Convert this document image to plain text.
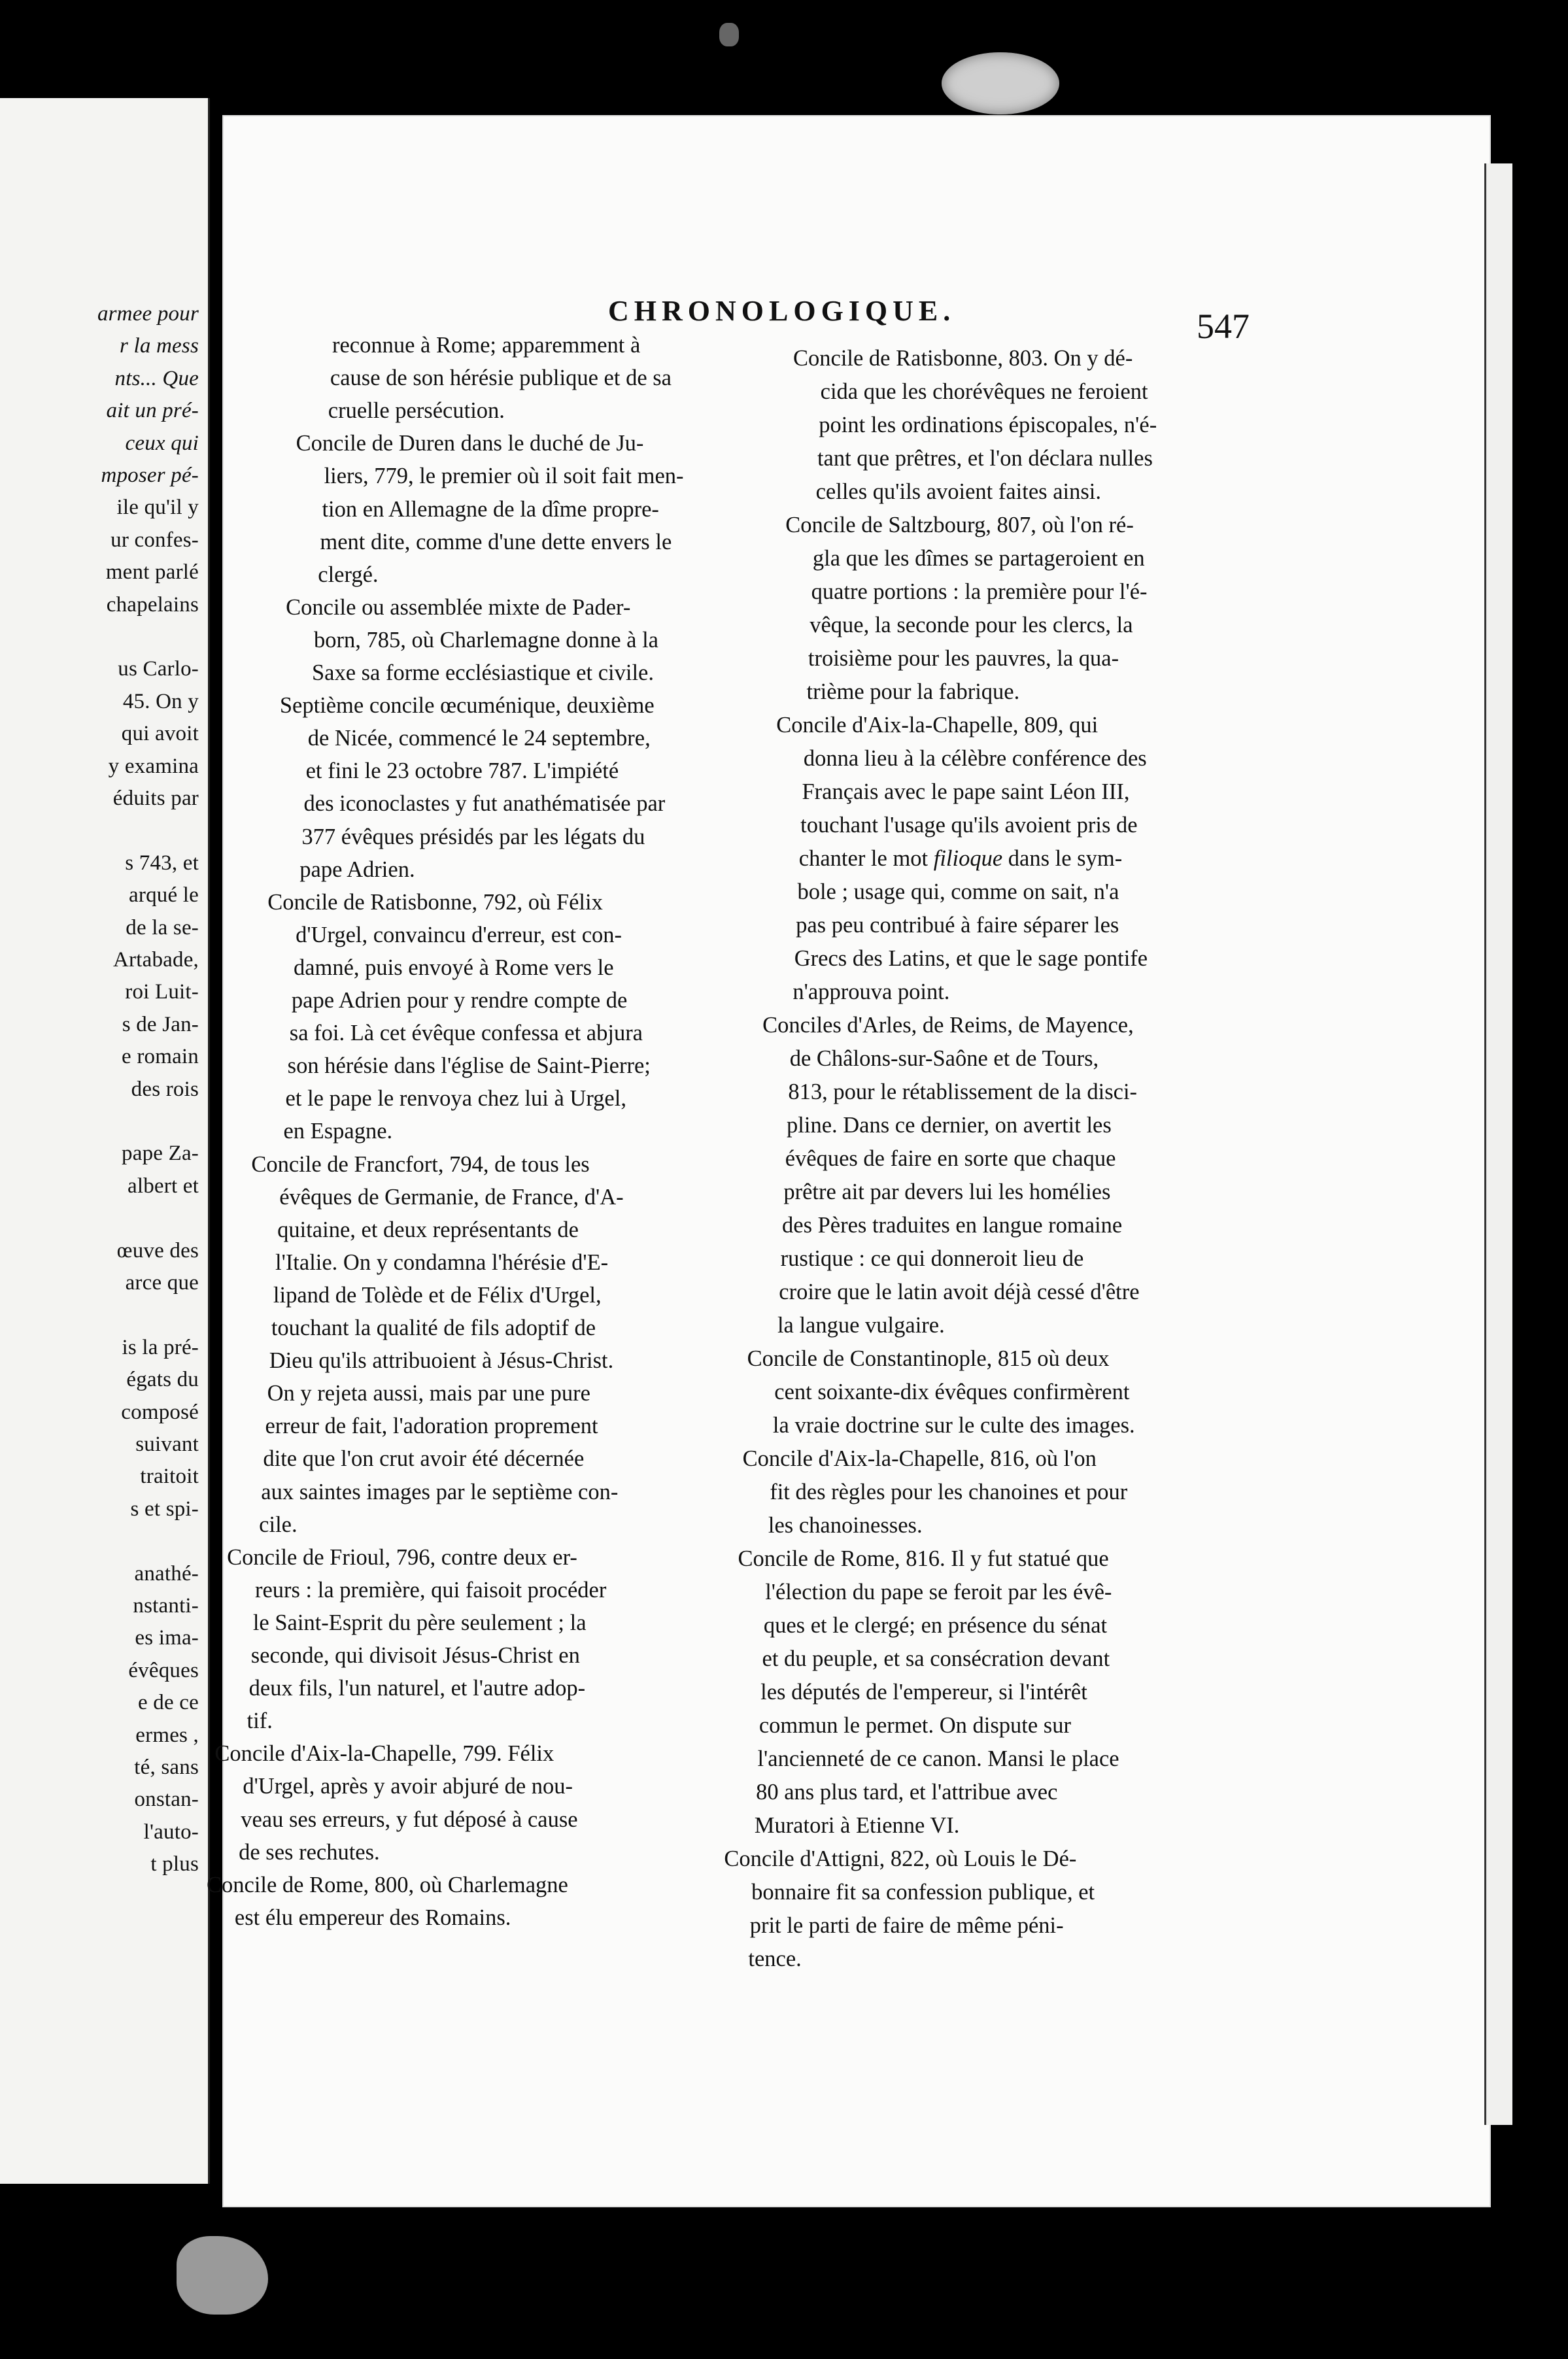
armee pour
r la mess
nts... Que
ait un pré-
ceux qui
mposer pé-
ile qu'il y
ur confes-
ment parlé
chapelains
us Carlo-
45. On y
qui avoit
y examina
éduits par
s 743, et
arqué le
de la se-
Artabade,
roi Luit-
s de Jan-
e romain
des rois
pape Za-
albert et
œuve des
arce que
is la pré-
égats du
composé
suivant
traitoit
s et spi-
anathé-
nstanti-
es ima-
évêques
e de ce
ermes ,
té, sans
onstan-
l'auto-
t plus
CHRONOLOGIQUE.	547
reconnue à Rome; apparemment à
cause de son hérésie publique et de sa
cruelle persécution.
Concile de Duren dans le duché de Ju-
liers, 779, le premier où il soit fait men-
tion en Allemagne de la dîme propre-
ment dite, comme d'une dette envers le
clergé.
Concile ou assemblée mixte de Pader-
born, 785, où Charlemagne donne à la
Saxe sa forme ecclésiastique et civile.
Septième concile œcuménique, deuxième
de Nicée, commencé le 24 septembre,
et fini le 23 octobre 787. L'impiété
des iconoclastes y fut anathématisée par
377 évêques présidés par les légats du
pape Adrien.
Concile de Ratisbonne, 792, où Félix
d'Urgel, convaincu d'erreur, est con-
damné, puis envoyé à Rome vers le
pape Adrien pour y rendre compte de
sa foi. Là cet évêque confessa et abjura
son hérésie dans l'église de Saint-Pierre;
et le pape le renvoya chez lui à Urgel,
en Espagne.
Concile de Francfort, 794, de tous les
évêques de Germanie, de France, d'A-
quitaine, et deux représentants de
l'Italie. On y condamna l'hérésie d'E-
lipand de Tolède et de Félix d'Urgel,
touchant la qualité de fils adoptif de
Dieu qu'ils attribuoient à Jésus-Christ.
On y rejeta aussi, mais par une pure
erreur de fait, l'adoration proprement
dite que l'on crut avoir été décernée
aux saintes images par le septième con-
cile.
Concile de Frioul, 796, contre deux er-
reurs : la première, qui faisoit procéder
le Saint-Esprit du père seulement ; la
seconde, qui divisoit Jésus-Christ en
deux fils, l'un naturel, et l'autre adop-
tif.
Concile d'Aix-la-Chapelle, 799. Félix
d'Urgel, après y avoir abjuré de nou-
veau ses erreurs, y fut déposé à cause
de ses rechutes.
Concile de Rome, 800, où Charlemagne
est élu empereur des Romains.
Concile de Ratisbonne, 803. On y dé-
cida que les chorévêques ne feroient
point les ordinations épiscopales, n'é-
tant que prêtres, et l'on déclara nulles
celles qu'ils avoient faites ainsi.
Concile de Saltzbourg, 807, où l'on ré-
gla que les dîmes se partageroient en
quatre portions : la première pour l'é-
vêque, la seconde pour les clercs, la
troisième pour les pauvres, la qua-
trième pour la fabrique.
Concile d'Aix-la-Chapelle, 809, qui
donna lieu à la célèbre conférence des
Français avec le pape saint Léon III,
touchant l'usage qu'ils avoient pris de
chanter le mot filioque dans le sym-
bole ; usage qui, comme on sait, n'a
pas peu contribué à faire séparer les
Grecs des Latins, et que le sage pontife
n'approuva point.
Conciles d'Arles, de Reims, de Mayence,
de Châlons-sur-Saône et de Tours,
813, pour le rétablissement de la disci-
pline. Dans ce dernier, on avertit les
évêques de faire en sorte que chaque
prêtre ait par devers lui les homélies
des Pères traduites en langue romaine
rustique : ce qui donneroit lieu de
croire que le latin avoit déjà cessé d'être
la langue vulgaire.
Concile de Constantinople, 815 où deux
cent soixante-dix évêques confirmèrent
la vraie doctrine sur le culte des images.
Concile d'Aix-la-Chapelle, 816, où l'on
fit des règles pour les chanoines et pour
les chanoinesses.
Concile de Rome, 816. Il y fut statué que
l'élection du pape se feroit par les évê-
ques et le clergé; en présence du sénat
et du peuple, et sa consécration devant
les députés de l'empereur, si l'intérêt
commun le permet. On dispute sur
l'ancienneté de ce canon. Mansi le place
80 ans plus tard, et l'attribue avec
Muratori à Etienne VI.
Concile d'Attigni, 822, où Louis le Dé-
bonnaire fit sa confession publique, et
prit le parti de faire de même péni-
tence.
